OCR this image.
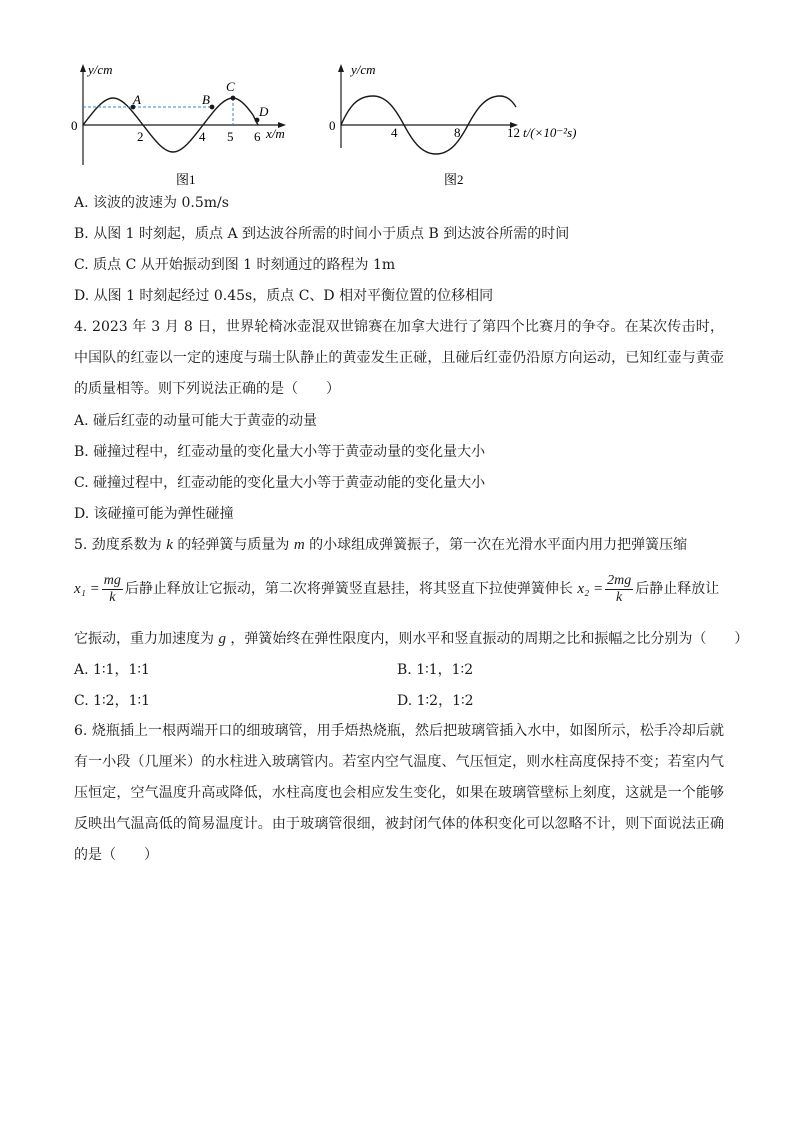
y/cm
0
2	4 5 6 x/m
A	B
C
D
图1
y/cm
0	4	8	12 t/(×10⁻²s)
图2
A. 该波的波速为 0.5m/s
B. 从图 1 时刻起，质点 A 到达波谷所需的时间小于质点 B 到达波谷所需的时间
C. 质点 C 从开始振动到图 1 时刻通过的路程为 1m
D. 从图 1 时刻起经过 0.45s，质点 C、D 相对平衡位置的位移相同
4. 2023 年 3 月 8 日，世界轮椅冰壶混双世锦赛在加拿大进行了第四个比赛月的争夺。在某次传击时，中国队的红壶以一定的速度与瑞士队静止的黄壶发生正碰，且碰后红壶仍沿原方向运动，已知红壶与黄壶的质量相等。则下列说法正确的是（　　）
A. 碰后红壶的动量可能大于黄壶的动量
B. 碰撞过程中，红壶动量的变化量大小等于黄壶动量的变化量大小
C. 碰撞过程中，红壶动能的变化量大小等于黄壶动能的变化量大小
D. 该碰撞可能为弹性碰撞
5. 劲度系数为 k 的轻弹簧与质量为 m 的小球组成弹簧振子，第一次在光滑水平面内用力把弹簧压缩
$x_1 = \frac{mg}{k}$ 后静止释放让它振动，第二次将弹簧竖直悬挂，将其竖直下拉使弹簧伸长 $x_2 = \frac{2mg}{k}$ 后静止释放让
它振动，重力加速度为 g ，弹簧始终在弹性限度内，则水平和竖直振动的周期之比和振幅之比分别为（　　）
A. 1∶1，1∶1	B. 1∶1，1∶2
C. 1∶2，1∶1	D. 1∶2，1∶2
6. 烧瓶插上一根两端开口的细玻璃管，用手焐热烧瓶，然后把玻璃管插入水中，如图所示，松手冷却后就有一小段（几厘米）的水柱进入玻璃管内。若室内空气温度、气压恒定，则水柱高度保持不变；若室内气压恒定，空气温度升高或降低，水柱高度也会相应发生变化，如果在玻璃管壁标上刻度，这就是一个能够反映出气温高低的简易温度计。由于玻璃管很细，被封闭气体的体积变化可以忽略不计，则下面说法正确的是（　　）
